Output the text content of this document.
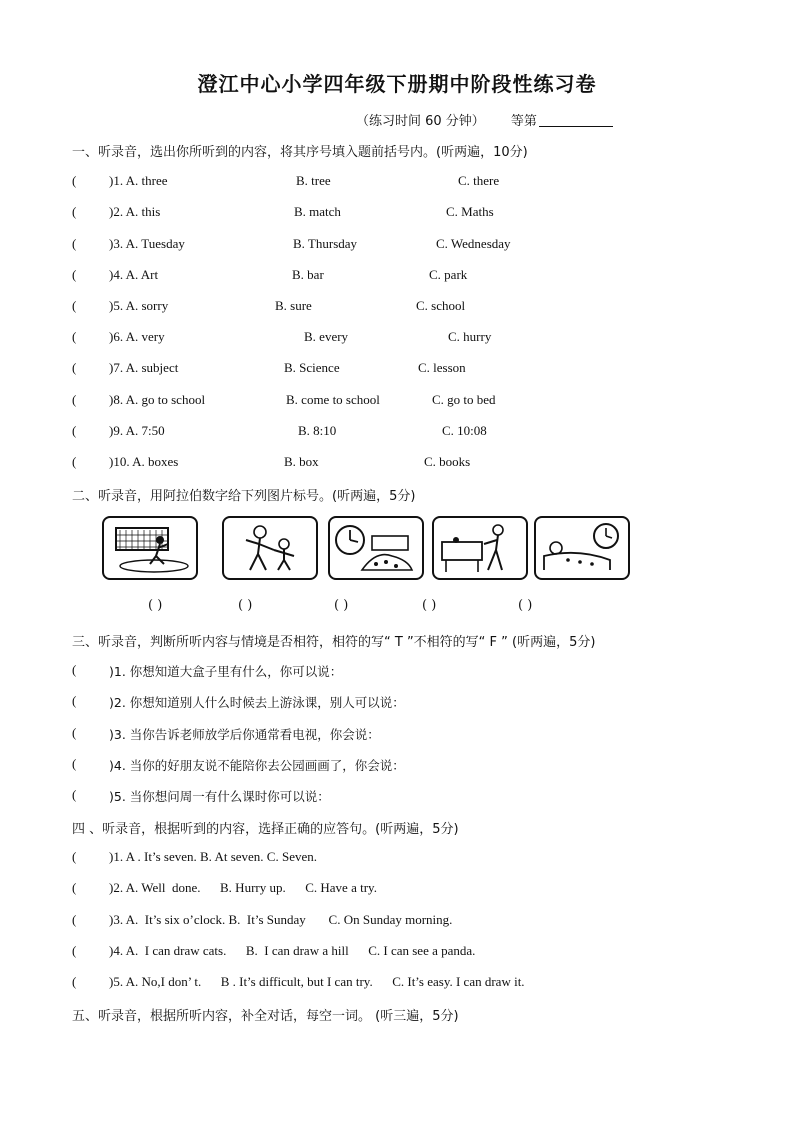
澄江中心小学四年级下册期中阶段性练习卷
（练习时间 60 分钟） 等第
一、听录音，选出你所听到的内容，将其序号填入题前括号内。(听两遍，10分)
(	)1. A. three	B. tree	C. there
(	)2. A. this	B. match	C. Maths
(	)3. A. Tuesday	B. Thursday	C. Wednesday
(	)4. A. Art	B. bar	C. park
(	)5. A. sorry	B. sure	C. school
(	)6. A. very	B. every	C. hurry
(	)7. A. subject	B. Science	C. lesson
(	)8. A. go to school	B. come to school	C. go to bed
(	)9. A. 7:50	B. 8:10	C. 10:08
(	)10. A. boxes	B. box	C. books
二、听录音，用阿拉伯数字给下列图片标号。(听两遍，5分)
( )	( )	( )	( )	( )
三、听录音，判断所听内容与情境是否相符，相符的写“ T ”不相符的写“ F ” (听两遍，5分)
(	)1. 你想知道大盒子里有什么，你可以说：
(	)2. 你想知道别人什么时候去上游泳课，别人可以说：
(	)3. 当你告诉老师放学后你通常看电视，你会说：
(	)4. 当你的好朋友说不能陪你去公园画画了，你会说：
(	)5. 当你想问周一有什么课时你可以说：
四 、听录音，根据听到的内容，选择正确的应答句。(听两遍，5分)
(	)1. A . It’s seven. B. At seven. C. Seven.
(	)2. A. Well  done.      B. Hurry up.      C. Have a try.
(	)3. A.  It’s six o’clock. B.  It’s Sunday       C. On Sunday morning.
(	)4. A.  I can draw cats.      B.  I can draw a hill      C. I can see a panda.
(	)5. A. No,I don’ t.      B . It’s difficult, but I can try.      C. It’s easy. I can draw it.
五、听录音，根据所听内容，补全对话，每空一词。 (听三遍，5分)
